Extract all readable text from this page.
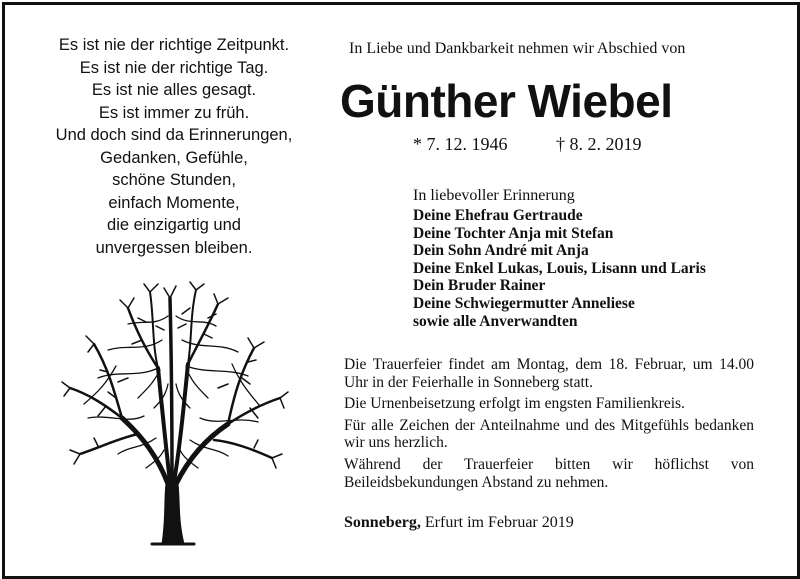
Es ist nie der richtige Zeitpunkt.
Es ist nie der richtige Tag.
Es ist nie alles gesagt.
Es ist immer zu früh.
Und doch sind da Erinnerungen,
Gedanken, Gefühle,
schöne Stunden,
einfach Momente,
die einzigartig und
unvergessen bleiben.
In Liebe und Dankbarkeit nehmen wir Abschied von
Günther Wiebel
* 7. 12. 1946	† 8. 2. 2019
In liebevoller Erinnerung
Deine Ehefrau Gertraude
Deine Tochter Anja mit Stefan
Dein Sohn André mit Anja
Deine Enkel Lukas, Louis, Lisann und Laris
Dein Bruder Rainer
Deine Schwiegermutter Anneliese
sowie alle Anverwandten

Die Trauerfeier findet am Montag, dem 18. Februar, um 14.00 Uhr in der Feierhalle in Sonneberg statt.

Die Urnenbeisetzung erfolgt im engsten Familienkreis.

Für alle Zeichen der Anteilnahme und des Mitgefühls bedanken wir uns herzlich.

Während der Trauerfeier bitten wir höflichst von Beileidsbekundungen Abstand zu nehmen.

Sonneberg, Erfurt im Februar 2019
